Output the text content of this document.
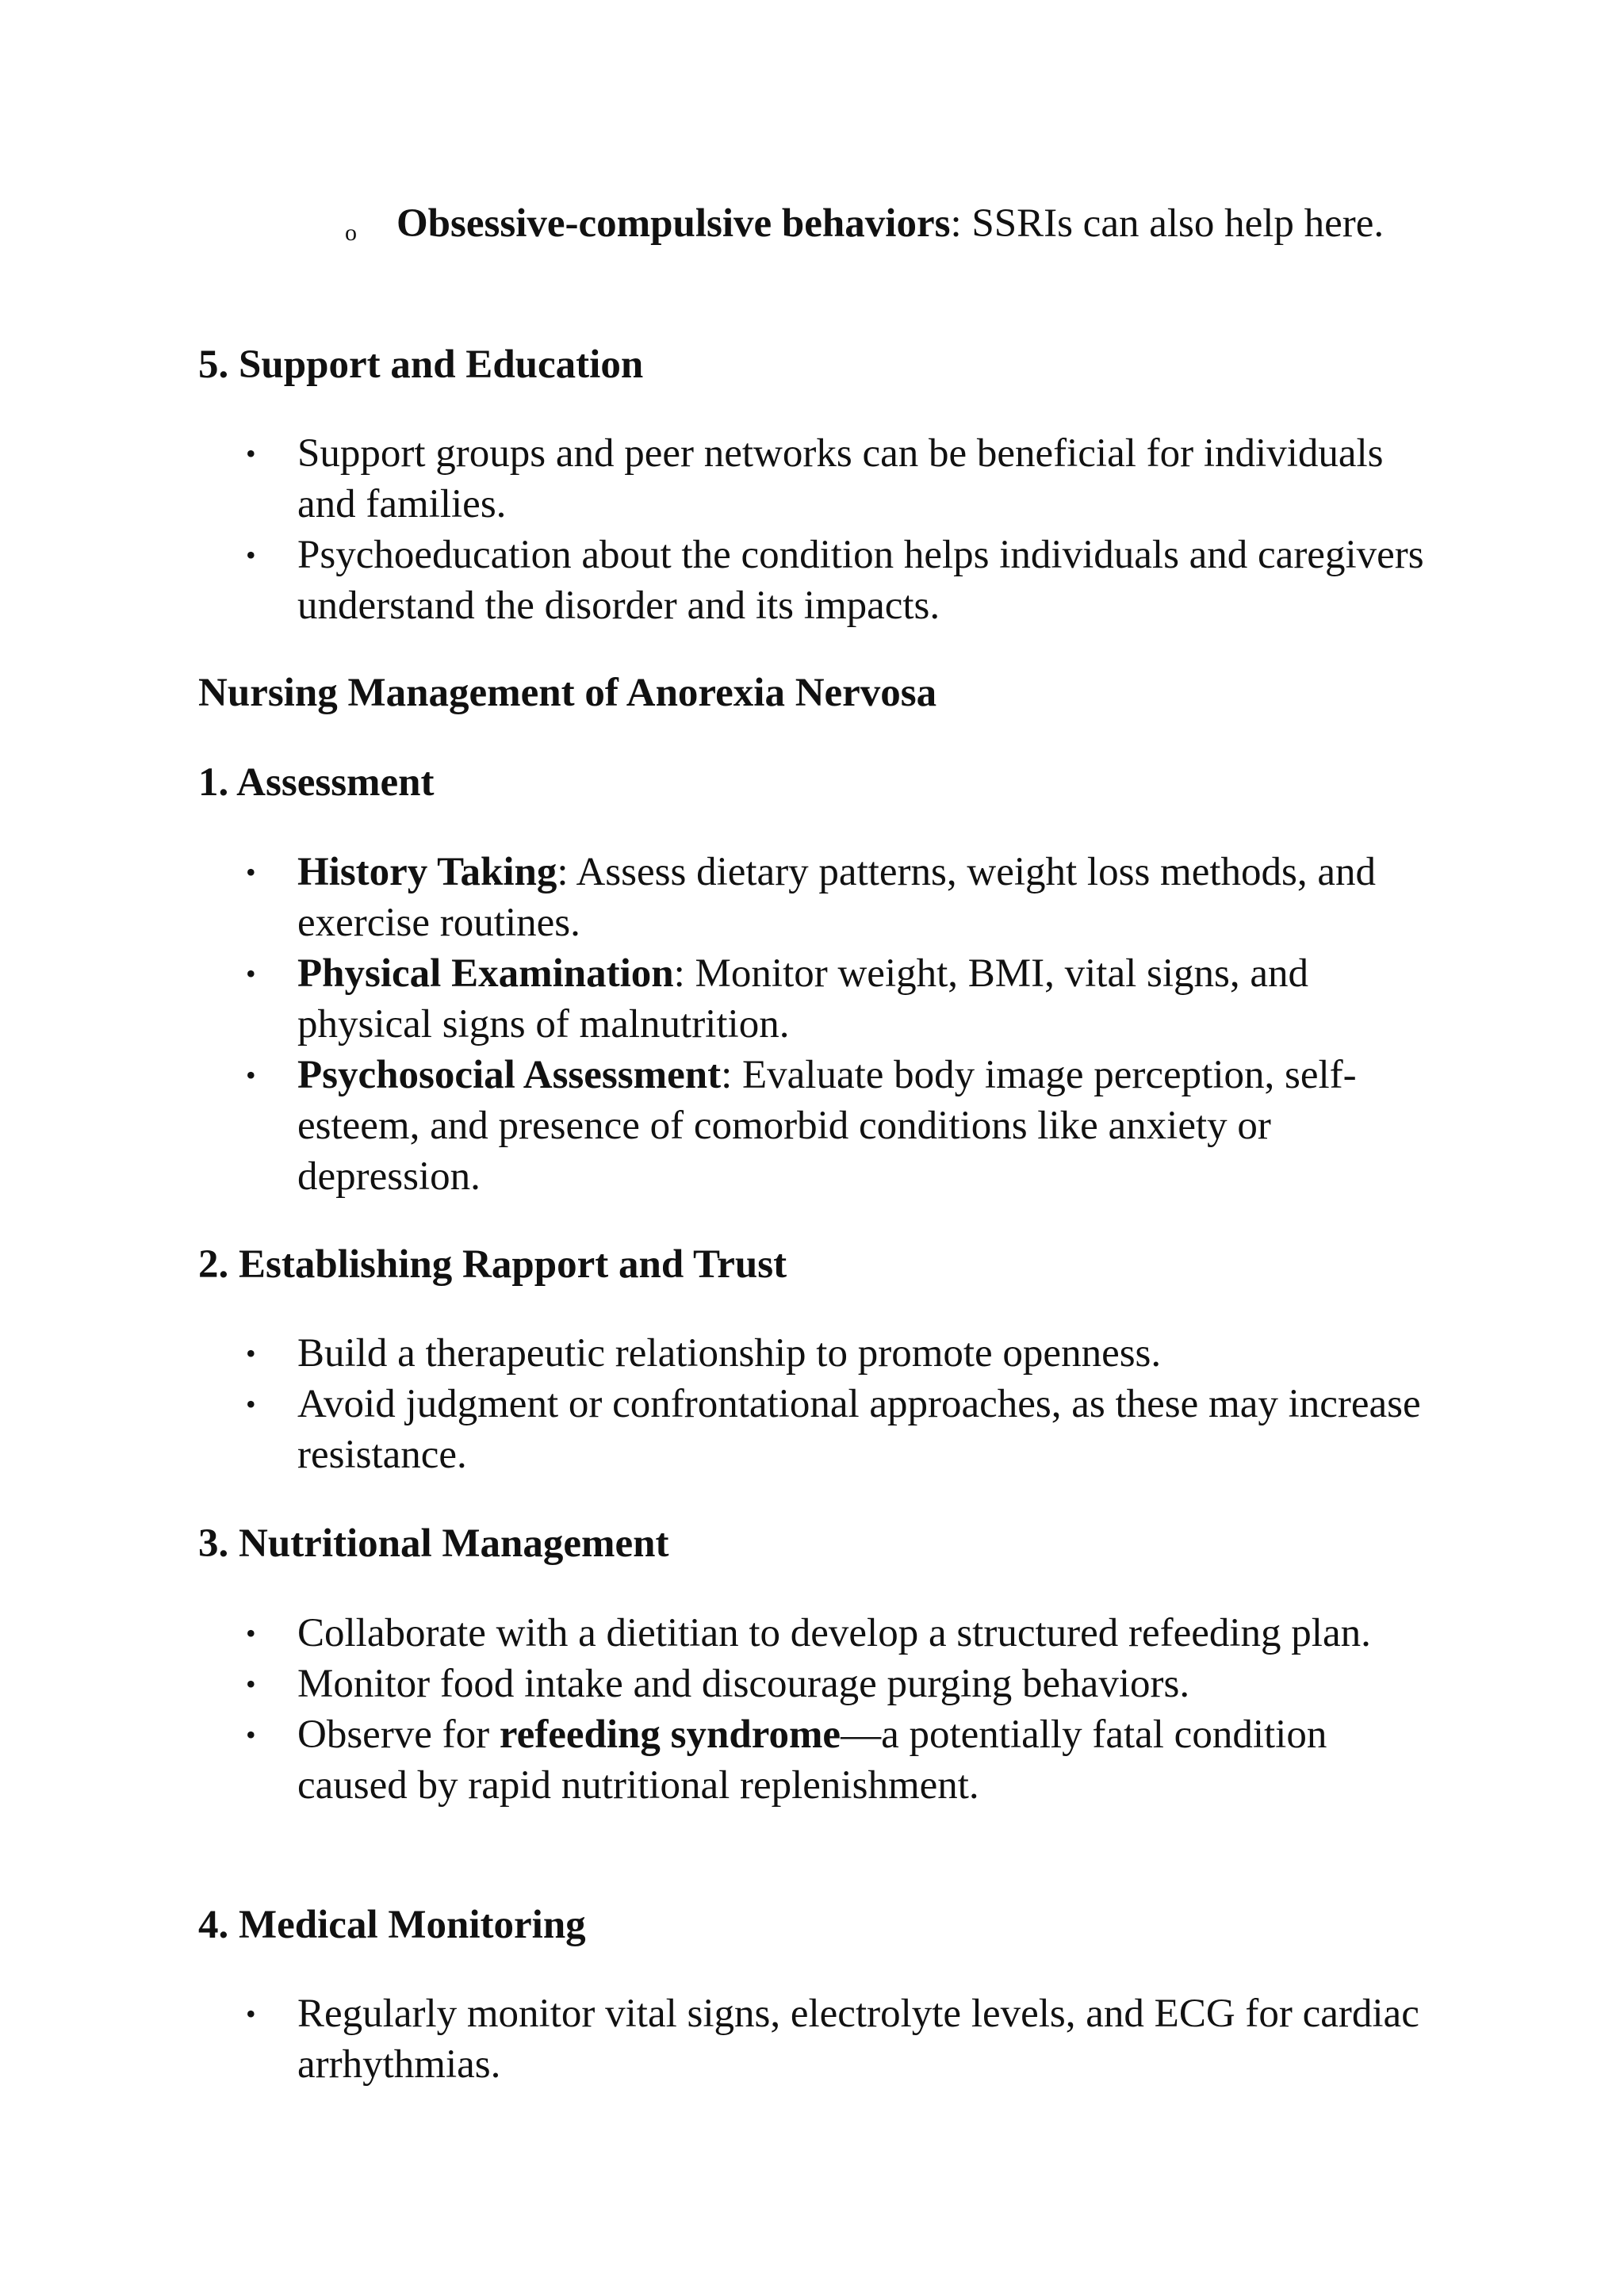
o Obsessive-compulsive behaviors: SSRIs can also help here.
5. Support and Education
• Support groups and peer networks can be beneficial for individuals and families.
• Psychoeducation about the condition helps individuals and caregivers understand the disorder and its impacts.
Nursing Management of Anorexia Nervosa
1. Assessment
• History Taking: Assess dietary patterns, weight loss methods, and exercise routines.
• Physical Examination: Monitor weight, BMI, vital signs, and physical signs of malnutrition.
• Psychosocial Assessment: Evaluate body image perception, self-esteem, and presence of comorbid conditions like anxiety or depression.
2. Establishing Rapport and Trust
• Build a therapeutic relationship to promote openness.
• Avoid judgment or confrontational approaches, as these may increase resistance.
3. Nutritional Management
• Collaborate with a dietitian to develop a structured refeeding plan.
• Monitor food intake and discourage purging behaviors.
• Observe for refeeding syndrome—a potentially fatal condition caused by rapid nutritional replenishment.
4. Medical Monitoring
• Regularly monitor vital signs, electrolyte levels, and ECG for cardiac arrhythmias.
